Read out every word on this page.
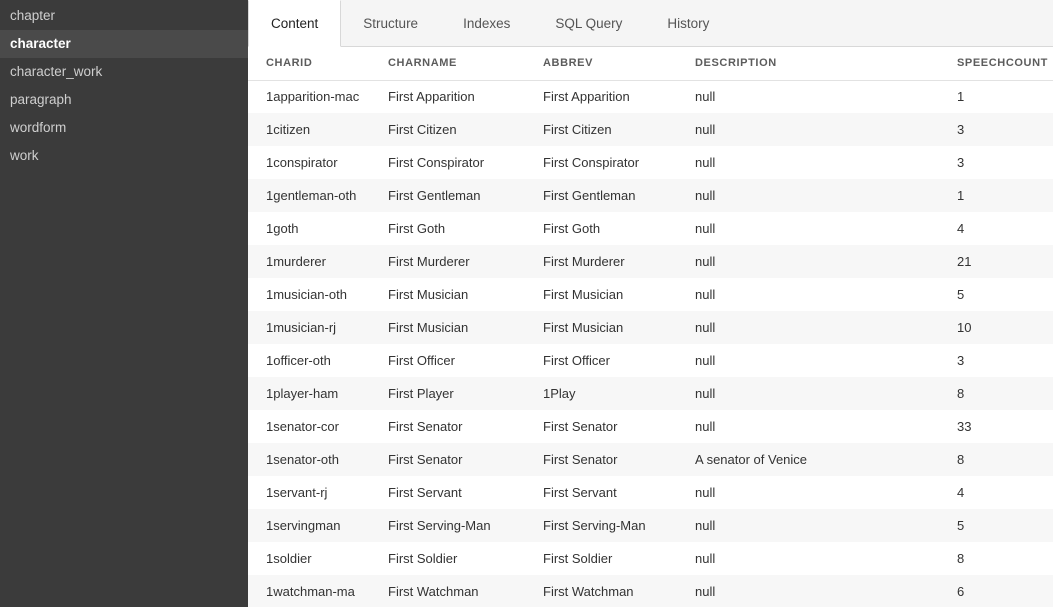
chapter
character
character_work
paragraph
wordform
work
Content	Structure	Indexes	SQL Query	History
CHARID	CHARNAME	ABBREV	DESCRIPTION	SPEECHCOUNT
1apparition-mac	First Apparition	First Apparition	null	1
1citizen	First Citizen	First Citizen	null	3
1conspirator	First Conspirator	First Conspirator	null	3
1gentleman-oth	First Gentleman	First Gentleman	null	1
1goth	First Goth	First Goth	null	4
1murderer	First Murderer	First Murderer	null	21
1musician-oth	First Musician	First Musician	null	5
1musician-rj	First Musician	First Musician	null	10
1officer-oth	First Officer	First Officer	null	3
1player-ham	First Player	1Play	null	8
1senator-cor	First Senator	First Senator	null	33
1senator-oth	First Senator	First Senator	A senator of Venice	8
1servant-rj	First Servant	First Servant	null	4
1servingman	First Serving-Man	First Serving-Man	null	5
1soldier	First Soldier	First Soldier	null	8
1watchman-ma	First Watchman	First Watchman	null	6
